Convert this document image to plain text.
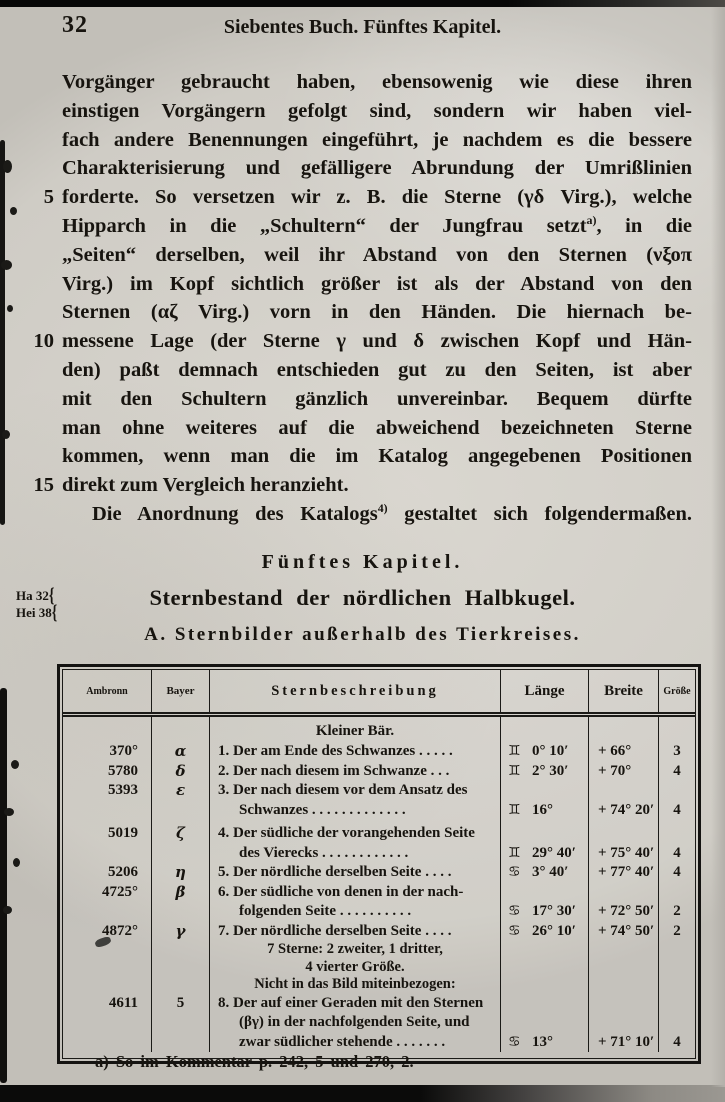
32	Siebentes Buch. Fünftes Kapitel.
Vorgänger gebraucht haben, ebensowenig wie diese ihren
einstigen Vorgängern gefolgt sind, sondern wir haben viel-
fach andere Benennungen eingeführt, je nachdem es die bessere
Charakterisierung und gefälligere Abrundung der Umrißlinien
5 forderte. So versetzen wir z. B. die Sterne (γδ Virg.), welche
Hipparch in die „Schultern“ der Jungfrau setzt$^{a)}$, in die
„Seiten“ derselben, weil ihr Abstand von den Sternen (νξοπ
Virg.) im Kopf sichtlich größer ist als der Abstand von den
Sternen (αζ Virg.) vorn in den Händen. Die hiernach be-
10 messene Lage (der Sterne γ und δ zwischen Kopf und Hän-
den) paßt demnach entschieden gut zu den Seiten, ist aber
mit den Schultern gänzlich unvereinbar. Bequem dürfte
man ohne weiteres auf die abweichend bezeichneten Sterne
kommen, wenn man die im Katalog angegebenen Positionen
15 direkt zum Vergleich heranzieht.
Die Anordnung des Katalogs$^{4)}$ gestaltet sich folgendermaßen.
Fünftes Kapitel.
Ha 32{
Hei 38{
Sternbestand der nördlichen Halbkugel.
A. Sternbilder außerhalb des Tierkreises.
Ambronn	Bayer	Sternbeschreibung	Länge	Breite	Größe
Kleiner Bär.
370°	α	1. Der am Ende des Schwanzes . . . . .	♊ 0° 10′	+ 66°	3
5780	δ	2. Der nach diesem im Schwanze . . .	♊ 2° 30′	+ 70°	4
5393	ε	3. Der nach diesem vor dem Ansatz des
Schwanzes . . . . . . . . . . . . .	♊ 16°	+ 74° 20′	4
5019	ζ	4. Der südliche der vorangehenden Seite
des Vierecks . . . . . . . . . . . .	♊ 29° 40′	+ 75° 40′	4
5206	η	5. Der nördliche derselben Seite . . . .	♋ 3° 40′	+ 77° 40′	4
4725°	β	6. Der südliche von denen in der nach-
folgenden Seite . . . . . . . . . .	♋ 17° 30′	+ 72° 50′	2
4872°	γ	7. Der nördliche derselben Seite . . . .	♋ 26° 10′	+ 74° 50′	2
7 Sterne: 2 zweiter, 1 dritter,
4 vierter Größe.
Nicht in das Bild miteinbezogen:
4611	5	8. Der auf einer Geraden mit den Sternen
(βγ) in der nachfolgenden Seite, und
zwar südlicher stehende . . . . . . .	♋ 13°	+ 71° 10′	4
a) So im Kommentar p. 242, 5 und 270, 2.
